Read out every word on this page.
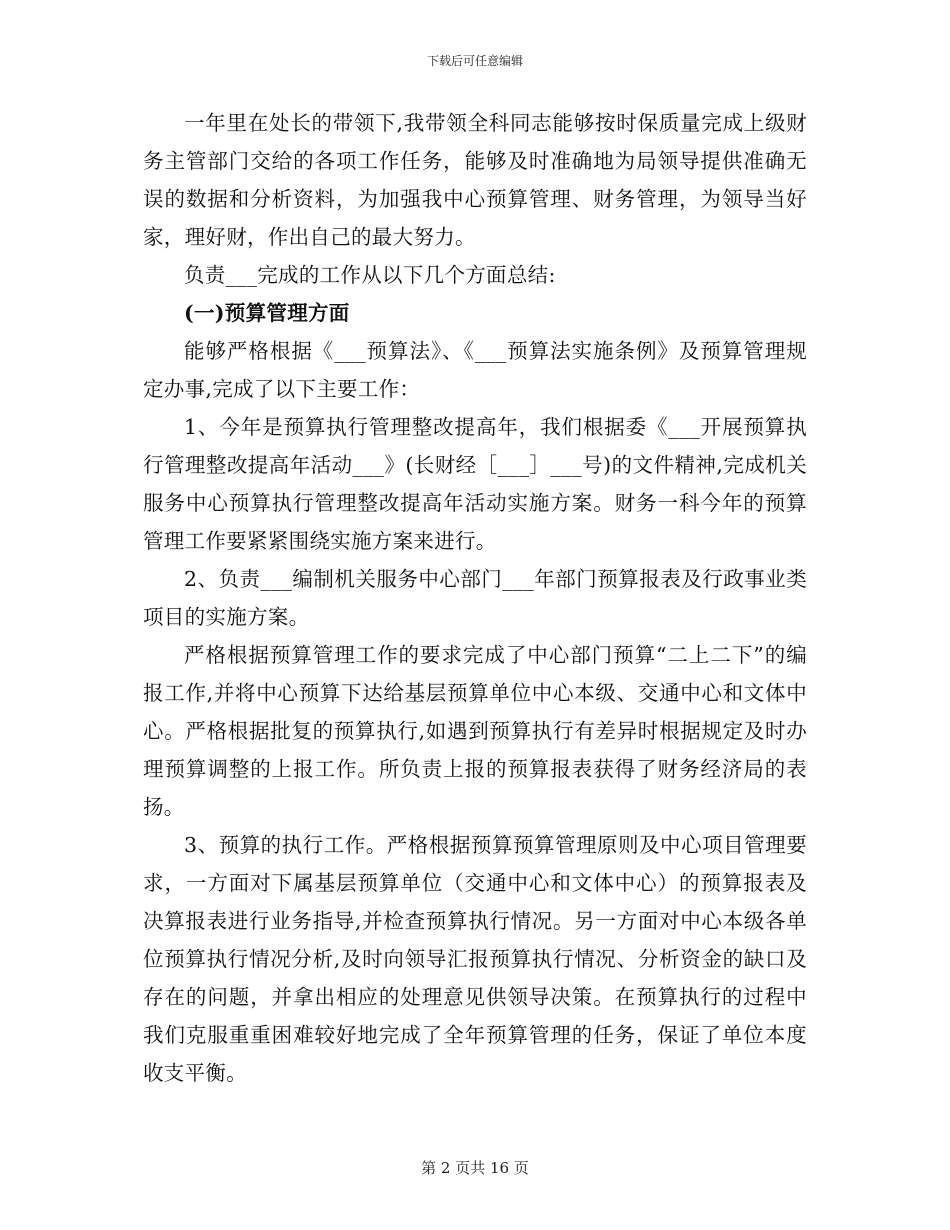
下载后可任意编辑

一年里在处长的带领下,我带领全科同志能够按时保质量完成上级财务主管部门交给的各项工作任务，能够及时准确地为局领导提供准确无误的数据和分析资料，为加强我中心预算管理、财务管理，为领导当好家，理好财，作出自己的最大努力。

负责___完成的工作从以下几个方面总结:

(一)预算管理方面

能够严格根据《___预算法》、《___预算法实施条例》及预算管理规定办事,完成了以下主要工作：

1、今年是预算执行管理整改提高年，我们根据委《___开展预算执行管理整改提高年活动___》(长财经［___］___号)的文件精神,完成机关服务中心预算执行管理整改提高年活动实施方案。财务一科今年的预算管理工作要紧紧围绕实施方案来进行。

2、负责___编制机关服务中心部门___年部门预算报表及行政事业类项目的实施方案。

严格根据预算管理工作的要求完成了中心部门预算“二上二下”的编报工作,并将中心预算下达给基层预算单位中心本级、交通中心和文体中心。严格根据批复的预算执行,如遇到预算执行有差异时根据规定及时办理预算调整的上报工作。所负责上报的预算报表获得了财务经济局的表扬。

3、预算的执行工作。严格根据预算预算管理原则及中心项目管理要求，一方面对下属基层预算单位（交通中心和文体中心）的预算报表及决算报表进行业务指导,并检查预算执行情况。另一方面对中心本级各单位预算执行情况分析,及时向领导汇报预算执行情况、分析资金的缺口及存在的问题，并拿出相应的处理意见供领导决策。在预算执行的过程中我们克服重重困难较好地完成了全年预算管理的任务，保证了单位本度收支平衡。

第 2 页共 16 页
